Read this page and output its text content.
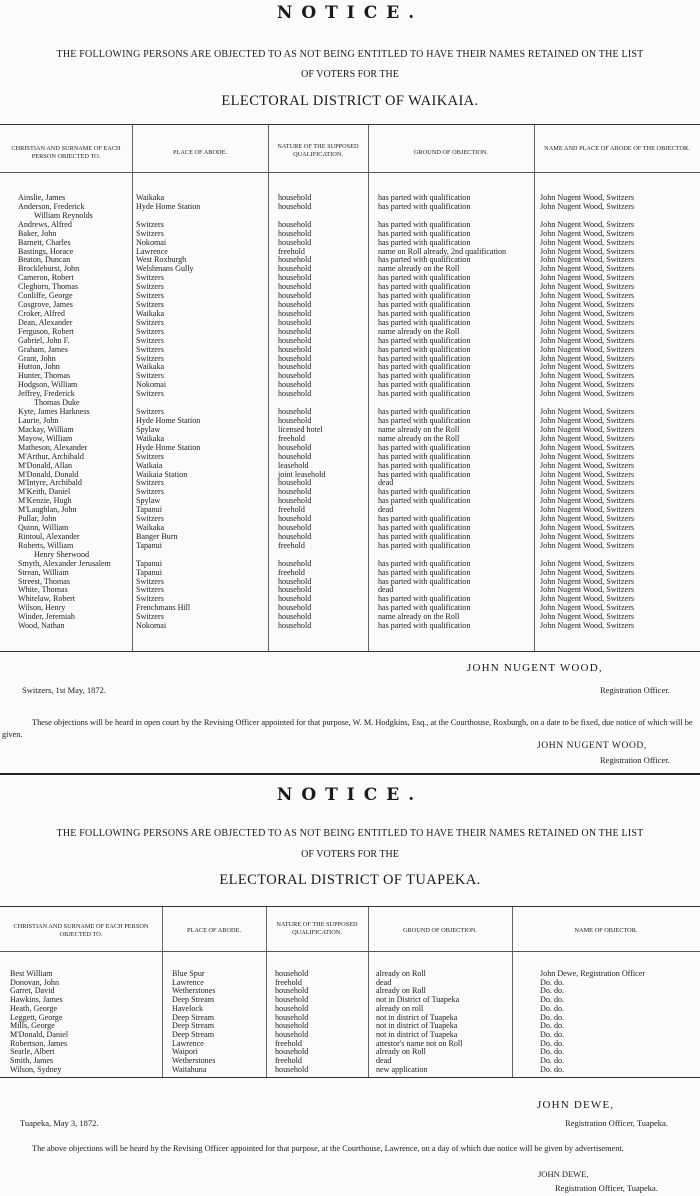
NOTICE.
THE FOLLOWING PERSONS ARE OBJECTED TO AS NOT BEING ENTITLED TO HAVE THEIR NAMES RETAINED ON THE LIST
OF VOTERS FOR THE
ELECTORAL DISTRICT OF WAIKAIA.
CHRISTIAN AND SURNAME OF EACH PERSON OBJECTED TO.
PLACE OF ABODE.
NATURE OF THE SUPPOSED QUALIFICATION.	GROUND OF OBJECTION.
NAME AND PLACE OF ABODE OF THE OBJECTOR.
Ainslie, James	Waikaka	household	has parted with qualification	John Nugent Wood, Switzers
Anderson, Frederick	Hyde Home Station	household	has parted with qualification	John Nugent Wood, Switzers
William Reynolds
Andrews, Alfred	Switzers	household	has parted with qualification	John Nugent Wood, Switzers
Baker, John	Switzers	household	has parted with qualification	John Nugent Wood, Switzers
Barnett, Charles	Nokomai	household	has parted with qualification	John Nugent Wood, Switzers
Bastings, Horace	Lawrence	freehold	name on Roll already, 2nd qualification	John Nugent Wood, Switzers
Beaton, Duncan	West Roxburgh	household	has parted with qualification	John Nugent Wood, Switzers
Brocklehurst, John	Welshmans Gully	household	name already on the Roll	John Nugent Wood, Switzers
Cameron, Robert	Switzers	household	has parted with qualification	John Nugent Wood, Switzers
Cleghorn, Thomas	Switzers	household	has parted with qualification	John Nugent Wood, Switzers
Conliffe, George	Switzers	household	has parted with qualification	John Nugent Wood, Switzers
Cosgrove, James	Switzers	household	has parted with qualification	John Nugent Wood, Switzers
Croker, Alfred	Waikaka	household	has parted with qualification	John Nugent Wood, Switzers
Dean, Alexander	Switzers	household	has parted with qualification	John Nugent Wood, Switzers
Ferguson, Robert	Switzers	household	name already on the Roll	John Nugent Wood, Switzers
Gabriel, John F.	Switzers	household	has parted with qualification	John Nugent Wood, Switzers
Graham, James	Switzers	household	has parted with qualification	John Nugent Wood, Switzers
Grant, John	Switzers	household	has parted with qualification	John Nugent Wood, Switzers
Hutton, John	Waikaka	household	has parted with qualification	John Nugent Wood, Switzers
Hunter, Thomas	Switzers	household	has parted with qualification	John Nugent Wood, Switzers
Hodgson, William	Nokomai	household	has parted with qualification	John Nugent Wood, Switzers
Jeffrey, Frederick	Switzers	household	has parted with qualification	John Nugent Wood, Switzers
Thomas Duke
Kyte, James Harkness	Switzers	household	has parted with qualification	John Nugent Wood, Switzers
Laurie, John	Hyde Home Station	household	has parted with qualification	John Nugent Wood, Switzers
Mackay, William	Spylaw	licensed hotel	name already on the Roll	John Nugent Wood, Switzers
Mayow, William	Waikaka	freehold	name already on the Roll	John Nugent Wood, Switzers
Matheson, Alexander	Hyde Home Station	household	has parted with qualification	John Nugent Wood, Switzers
M'Arthur, Archibald	Switzers	household	has parted with qualification	John Nugent Wood, Switzers
M'Donald, Allan	Waikaia	leasehold	has parted with qualification	John Nugent Wood, Switzers
M'Donald, Donald	Waikaia Station	joint leasehold	has parted with qualification	John Nugent Wood, Switzers
M'Intyre, Archibald	Switzers	household	dead	John Nugent Wood, Switzers
M'Keith, Daniel	Switzers	household	has parted with qualification	John Nugent Wood, Switzers
M'Kenzie, Hugh	Spylaw	household	has parted with qualification	John Nugent Wood, Switzers
M'Laughlan, John	Tapanui	freehold	dead	John Nugent Wood, Switzers
Pullar, John	Switzers	household	has parted with qualification	John Nugent Wood, Switzers
Quinn, William	Waikaka	household	has parted with qualification	John Nugent Wood, Switzers
Rintoul, Alexander	Banger Burn	household	has parted with qualification	John Nugent Wood, Switzers
Roberts, William	Tapanui	freehold	has parted with qualification	John Nugent Wood, Switzers
Henry Sherwood
Smyth, Alexander Jerusalem	Tapanui	household	has parted with qualification	John Nugent Wood, Switzers
Strean, William	Tapanui	freehold	has parted with qualification	John Nugent Wood, Switzers
Streest, Thomas	Switzers	household	has parted with qualification	John Nugent Wood, Switzers
White, Thomas	Switzers	household	dead	John Nugent Wood, Switzers
Whitelaw, Robert	Switzers	household	has parted with qualification	John Nugent Wood, Switzers
Wilson, Henry	Frenchmans Hill	household	has parted with qualification	John Nugent Wood, Switzers
Winder, Jeremiah	Switzers	household	name already on the Roll	John Nugent Wood, Switzers
Wood, Nathan	Nokomai	household	has parted with qualification	John Nugent Wood, Switzers
JOHN NUGENT WOOD,
Switzers, 1st May, 1872.	Registration Officer.
These objections will be heard in open court by the Revising Officer appointed for that purpose, W. M. Hodgkins, Esq., at the Courthouse, Roxburgh, on a date to be fixed, due notice of which will be given.
JOHN NUGENT WOOD,
Registration Officer.
NOTICE.
THE FOLLOWING PERSONS ARE OBJECTED TO AS NOT BEING ENTITLED TO HAVE THEIR NAMES RETAINED ON THE LIST
OF VOTERS FOR THE
ELECTORAL DISTRICT OF TUAPEKA.
CHRISTIAN AND SURNAME OF EACH PERSON OBJECTED TO.
PLACE OF ABODE.
NATURE OF THE SUPPOSED QUALIFICATION.	GROUND OF OBJECTION.	NAME OF OBJECTOR.
Best William	Blue Spur	household	already on Roll	John Dewe, Registration Officer
Donovan, John	Lawrence	freehold	dead	Do. do.
Garret, David	Wetherstones	household	already on Roll	Do. do.
Hawkins, James	Deep Stream	household	not in District of Tuapeka	Do. do.
Heath, George	Havelock	household	already on roll	Do. do.
Leggett, George	Deep Stream	household	not in district of Tuapeka	Do. do.
Mills, George	Deep Stream	household	not in district of Tuapeka	Do. do.
M'Donald, Daniel	Deep Stream	household	not in district of Tuapeka	Do. do.
Robertson, James	Lawrence	freehold	attestor's name not on Roll	Do. do.
Searle, Albert	Waipori	household	already on Roll	Do. do.
Smith, James	Wetherstones	freehold	dead	Do. do.
Wilson, Sydney	Waitahuna	household	new application	Do. do.
JOHN DEWE,
Tuapeka, May 3, 1872.	Registration Officer, Tuapeka.
The above objections will be heard by the Revising Officer appointed for that purpose, at the Courthouse, Lawrence, on a day of which due notice will be given by advertisement.
JOHN DEWE,
Registration Officer, Tuapeka.
